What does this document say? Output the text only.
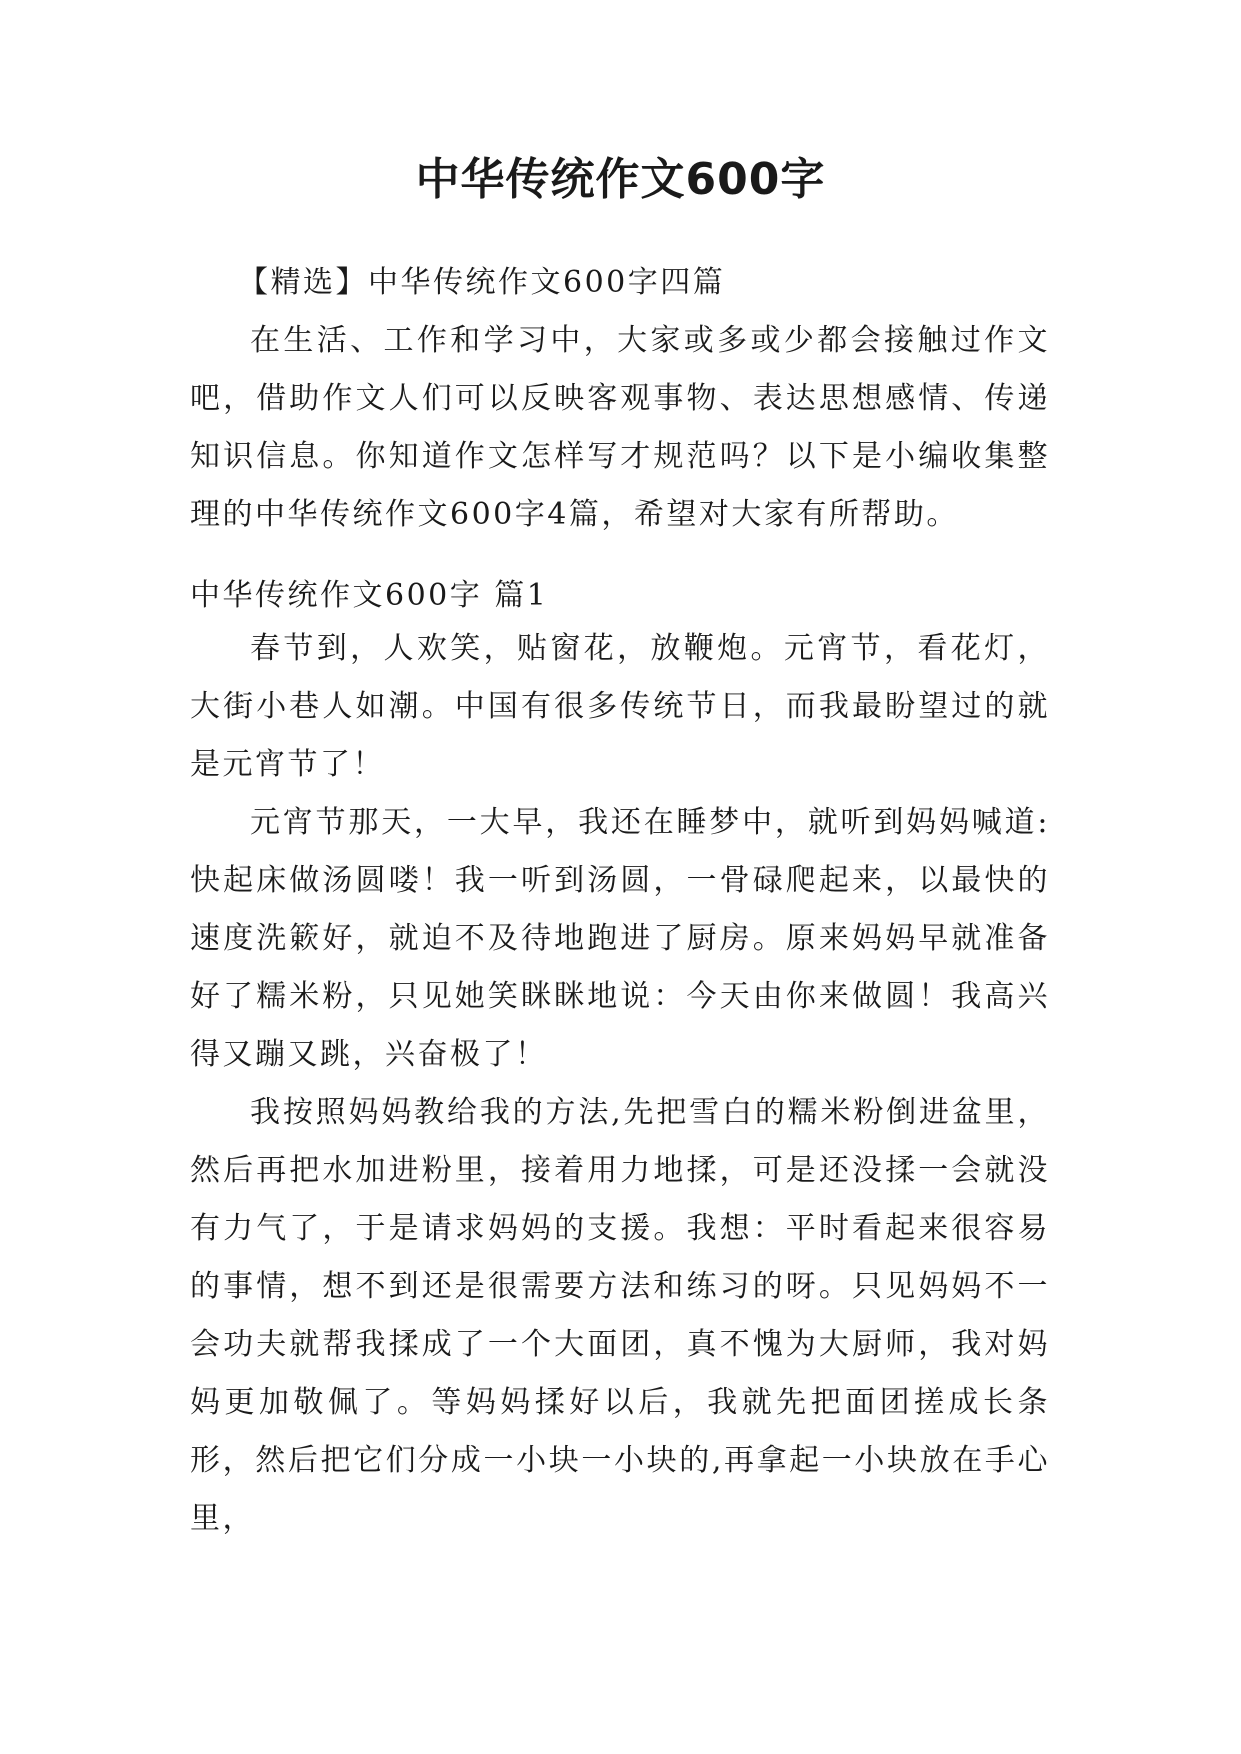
中华传统作文600字

【精选】中华传统作文600字四篇

在生活、工作和学习中，大家或多或少都会接触过作文吧，借助作文人们可以反映客观事物、表达思想感情、传递知识信息。你知道作文怎样写才规范吗？以下是小编收集整理的中华传统作文600字4篇，希望对大家有所帮助。

中华传统作文600字 篇1

春节到，人欢笑，贴窗花，放鞭炮。元宵节，看花灯，大街小巷人如潮。中国有很多传统节日，而我最盼望过的就是元宵节了！

元宵节那天，一大早，我还在睡梦中，就听到妈妈喊道:快起床做汤圆喽！我一听到汤圆，一骨碌爬起来，以最快的速度洗簌好，就迫不及待地跑进了厨房。原来妈妈早就准备好了糯米粉，只见她笑眯眯地说：今天由你来做圆！我高兴得又蹦又跳，兴奋极了！

我按照妈妈教给我的方法,先把雪白的糯米粉倒进盆里，然后再把水加进粉里，接着用力地揉，可是还没揉一会就没有力气了，于是请求妈妈的支援。我想：平时看起来很容易的事情，想不到还是很需要方法和练习的呀。只见妈妈不一会功夫就帮我揉成了一个大面团，真不愧为大厨师，我对妈妈更加敬佩了。等妈妈揉好以后，我就先把面团搓成长条形，然后把它们分成一小块一小块的,再拿起一小块放在手心里，
